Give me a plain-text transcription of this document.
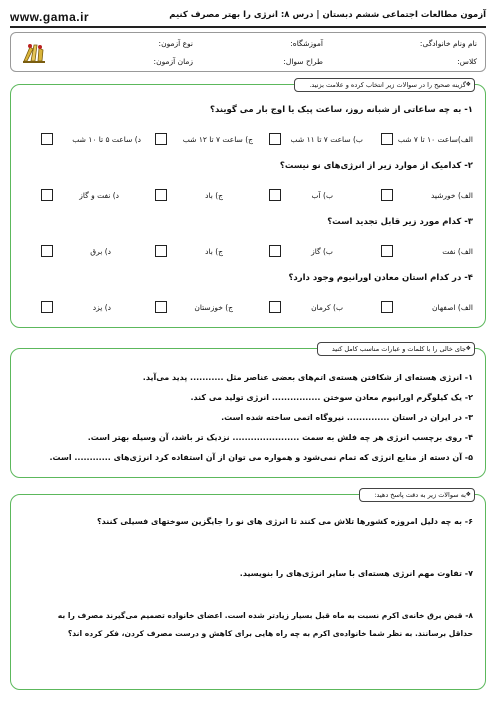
www.gama.ir	آزمون مطالعات اجتماعی ششم دبستان | درس ۸: انرژی را بهتر مصرف کنیم
نام ونام خانوادگی:
آموزشگاه:
نوع آزمون:
کلاس:
طراح سوال:
زمان آزمون:
❖
گزینه صحیح را در سوالات زیر انتخاب کرده و علامت بزنید.
۱- به چه ساعاتی از شبانه روز، ساعت پیک یا اوج بار می گویند؟
الف)ساعت ۱۰ تا ۷ شب
ب) ساعت ۷ تا ۱۱ شب
ج) ساعت ۷ تا ۱۲ شب
د) ساعت ۵ تا ۱۰ شب
۲- کدامیک از موارد زیر از انرژی‌های نو نیست؟
الف) خورشید
ب) آب
ج) باد
د) نفت و گاز
۳- کدام مورد زیر قابل تجدید است؟
الف) نفت
ب) گاز
ج) باد
د) برق
۴- در کدام استان معادن اورانیوم وجود دارد؟
الف) اصفهان
ب) کرمان
ج) خوزستان
د) یزد
❖
جای خالی را با کلمات و عبارات مناسب کامل کنید
۱- انرژی هسته‌ای از شکافتن هسته‌ی اتم‌های بعضی عناصر مثل ........... پدید می‌آید.
۲- یک کیلوگرم اورانیوم معادن سوختن ................ انرژی تولید می کند.
۳- در ایران در استان .............. نیروگاه اتمی ساخته شده است.
۴- روی برچسب انرژی هر چه فلش به سمت ...................... نزدیک تر باشد، آن وسیله بهتر است.
۵- آن دسته از منابع انرژی که تمام نمی‌شود و همواره می توان از آن استفاده کرد انرژی‌های ............ است.
❖
به سوالات زیر به دقت پاسخ دهید:
۶- به چه دلیل امروزه کشورها تلاش می کنند تا انرژی های نو را جایگزین سوختهای فسیلی کنند؟
۷- تفاوت مهم انرژی هسته‌ای با سایر انرژی‌های را بنویسید.
۸- قبض برق خانه‌ی اکرم نسبت به ماه قبل بسیار زیادتر شده است. اعضای خانواده تصمیم می‌گیرند مصرف را به
حداقل برسانند. به نظر شما خانواده‌ی اکرم به چه راه هایی برای کاهش و درست مصرف کردن، فکر کرده اند؟
